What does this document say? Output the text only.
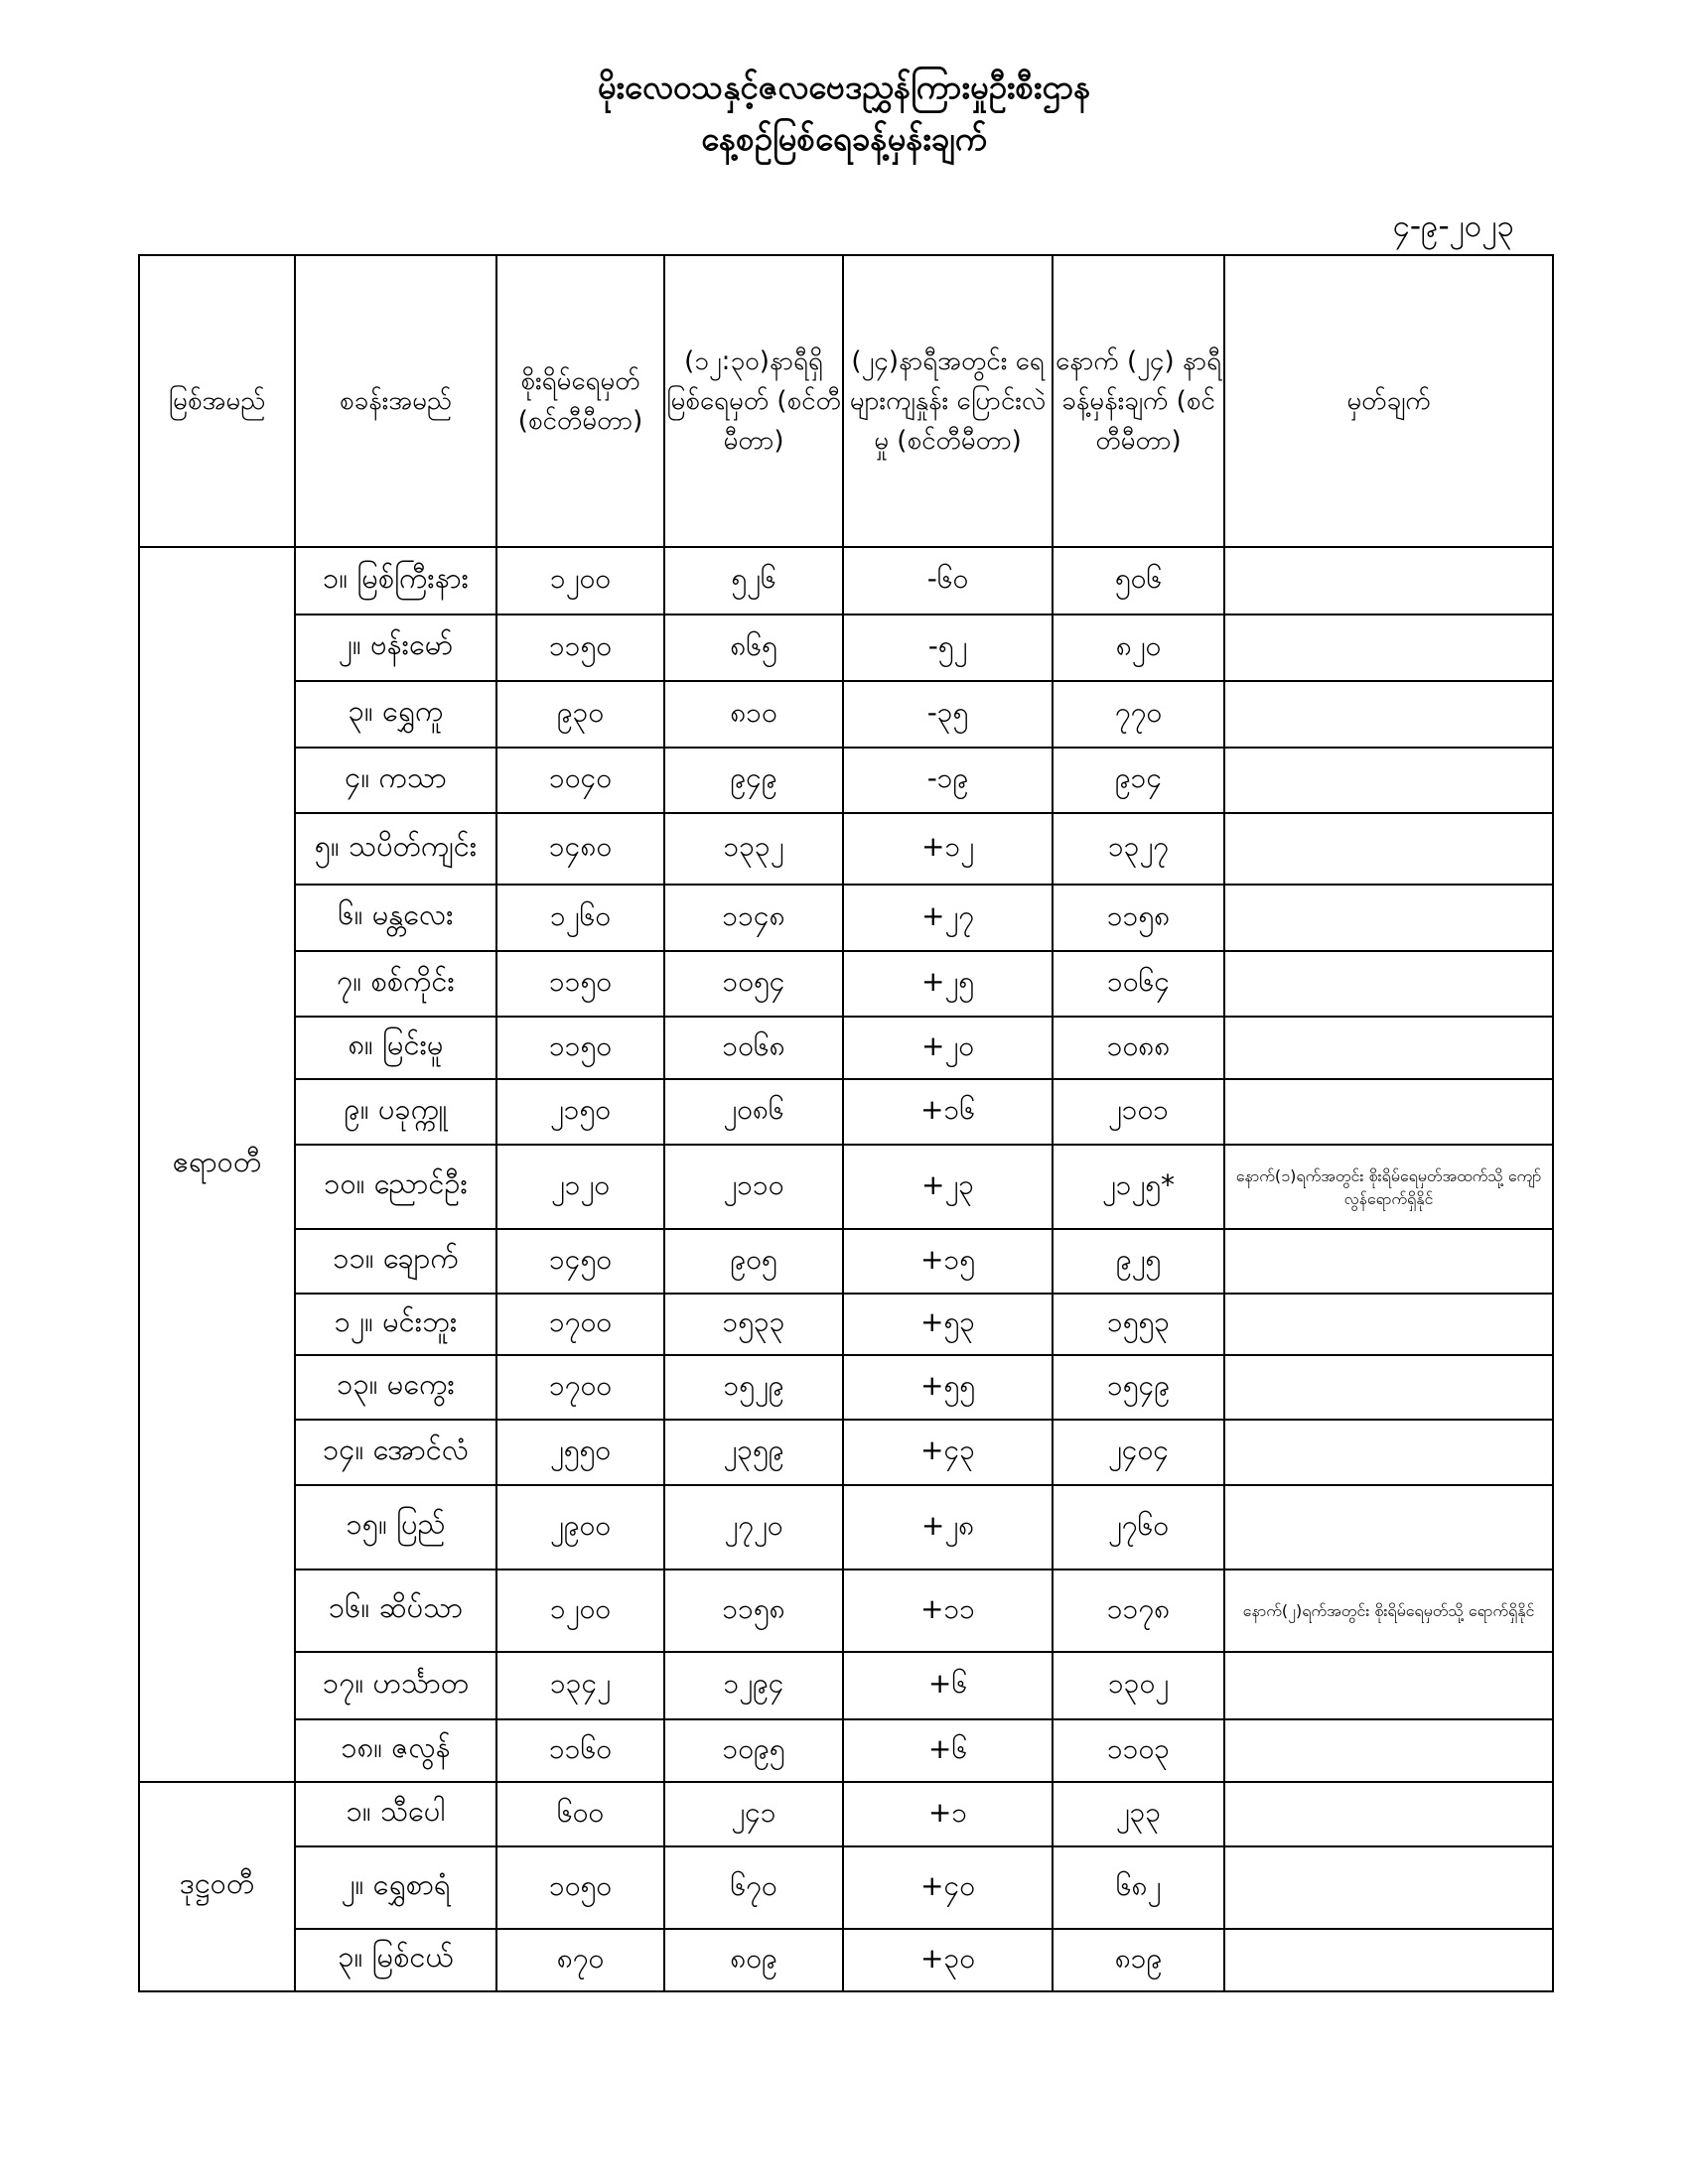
မိုးလေဝသနှင့်ဇလဗေဒညွှန်ကြားမှုဦးစီးဌာန
နေ့စဉ်မြစ်ရေခန့်မှန်းချက်
၄-၉-၂၀၂၃
မြစ်အမည်	စခန်းအမည်	စိုးရိမ်ရေမှတ် (စင်တီမီတာ)	(၁၂:၃၀)နာရီရှိ မြစ်ရေမှတ် (စင်တီမီတာ)	(၂၄)နာရီအတွင်း ရေများကျနှုန်း ပြောင်းလဲမှု (စင်တီမီတာ)	နောက် (၂၄) နာရီ ခန့်မှန်းချက် (စင်တီမီတာ)	မှတ်ချက်
ဧရာဝတီ	၁။ မြစ်ကြီးနား	၁၂၀၀	၅၂၆	-၆၀	၅၀၆	
	၂။ ဗန်းမော်	၁၁၅၀	၈၆၅	-၅၂	၈၂၀	
	၃။ ရွှေကူ	၉၃၀	၈၁၀	-၃၅	၇၇၀	
	၄။ ကသာ	၁၀၄၀	၉၄၉	-၁၉	၉၁၄	
	၅။ သပိတ်ကျင်း	၁၄၈၀	၁၃၃၂	+၁၂	၁၃၂၇	
	၆။ မန္တလေး	၁၂၆၀	၁၁၄၈	+၂၇	၁၁၅၈	
	၇။ စစ်ကိုင်း	၁၁၅၀	၁၀၅၄	+၂၅	၁၀၆၄	
	၈။ မြင်းမူ	၁၁၅၀	၁၀၆၈	+၂၀	၁၀၈၈	
	၉။ ပခုက္ကူ	၂၁၅၀	၂၀၈၆	+၁၆	၂၁၀၁	
	၁၀။ ညောင်ဦး	၂၁၂၀	၂၁၁၀	+၂၃	၂၁၂၅*	နောက်(၁)ရက်အတွင်း စိုးရိမ်ရေမှတ်အထက်သို့ ကျော်လွန်ရောက်ရှိနိုင်
	၁၁။ ချောက်	၁၄၅၀	၉၀၅	+၁၅	၉၂၅	
	၁၂။ မင်းဘူး	၁၇၀၀	၁၅၃၃	+၅၃	၁၅၅၃	
	၁၃။ မကွေး	၁၇၀၀	၁၅၂၉	+၅၅	၁၅၄၉	
	၁၄။ အောင်လံ	၂၅၅၀	၂၃၅၉	+၄၃	၂၄၀၄	
	၁၅။ ပြည်	၂၉၀၀	၂၇၂၀	+၂၈	၂၇၆၀	
	၁၆။ ဆိပ်သာ	၁၂၀၀	၁၁၅၈	+၁၁	၁၁၇၈	နောက်(၂)ရက်အတွင်း စိုးရိမ်ရေမှတ်သို့ ရောက်ရှိနိုင်
	၁၇။ ဟင်္သာတ	၁၃၄၂	၁၂၉၄	+၆	၁၃၀၂	
	၁၈။ ဇလွန်	၁၁၆၀	၁၀၉၅	+၆	၁၁၀၃	
ဒုဋ္ဌဝတီ	၁။ သီပေါ	၆၀၀	၂၄၁	+၁	၂၃၃	
	၂။ ရွှေစာရံ	၁၀၅၀	၆၇၀	+၄၀	၆၈၂	
	၃။ မြစ်ငယ်	၈၇၀	၈၀၉	+၃၀	၈၁၉	
